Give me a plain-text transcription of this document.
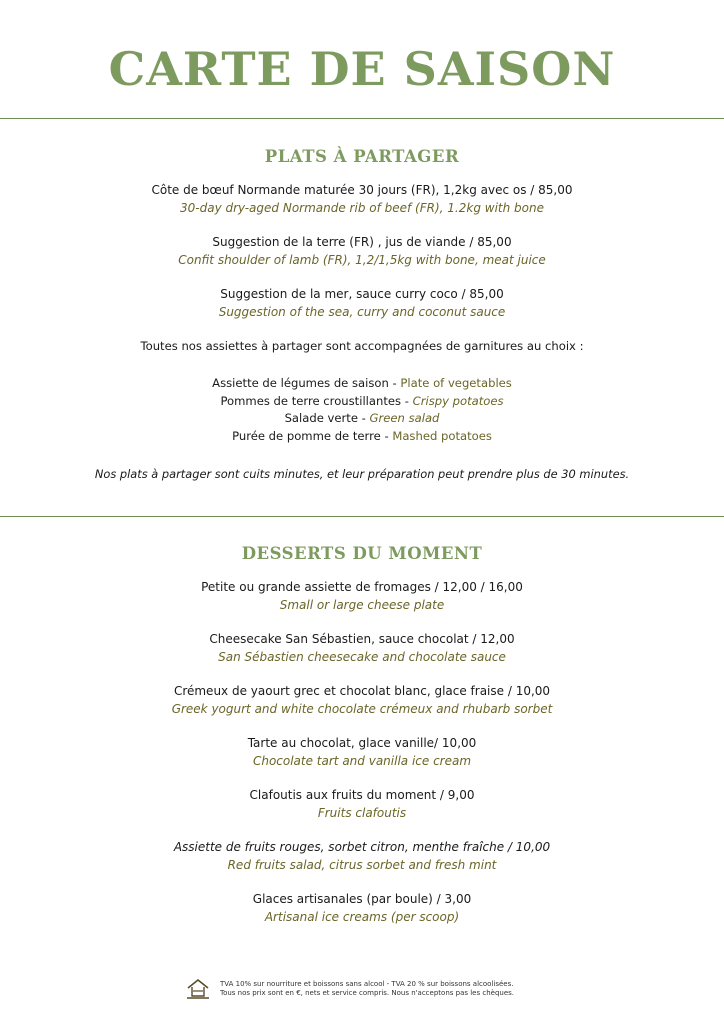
CARTE DE SAISON
PLATS À PARTAGER
Côte de bœuf Normande maturée 30 jours (FR), 1,2kg avec os / 85,00
30-day dry-aged Normande rib of beef (FR), 1.2kg with bone
Suggestion de la terre (FR) , jus de viande / 85,00
Confit shoulder of lamb (FR), 1,2/1,5kg with bone, meat juice
Suggestion de la mer, sauce curry coco / 85,00
Suggestion of the sea, curry and coconut sauce
Toutes nos assiettes à partager sont accompagnées de garnitures au choix :
Assiette de légumes de saison - Plate of vegetables
Pommes de terre croustillantes - Crispy potatoes
Salade verte - Green salad
Purée de pomme de terre - Mashed potatoes
Nos plats à partager sont cuits minutes, et leur préparation peut prendre plus de 30 minutes.
DESSERTS DU MOMENT
Petite ou grande assiette de fromages / 12,00 / 16,00
Small or large cheese plate
Cheesecake San Sébastien, sauce chocolat / 12,00
San Sébastien cheesecake and chocolate sauce
Crémeux de yaourt grec et chocolat blanc, glace fraise / 10,00
Greek yogurt and white chocolate crémeux and rhubarb sorbet
Tarte au chocolat, glace vanille/ 10,00
Chocolate tart and vanilla ice cream
Clafoutis aux fruits du moment / 9,00
Fruits clafoutis
Assiette de fruits rouges, sorbet citron, menthe fraîche / 10,00
Red fruits salad, citrus sorbet and fresh mint
Glaces artisanales (par boule) / 3,00
Artisanal ice creams (per scoop)
TVA 10% sur nourriture et boissons sans alcool - TVA 20 % sur boissons alcoolisées.
Tous nos prix sont en €, nets et service compris. Nous n'acceptons pas les chèques.
